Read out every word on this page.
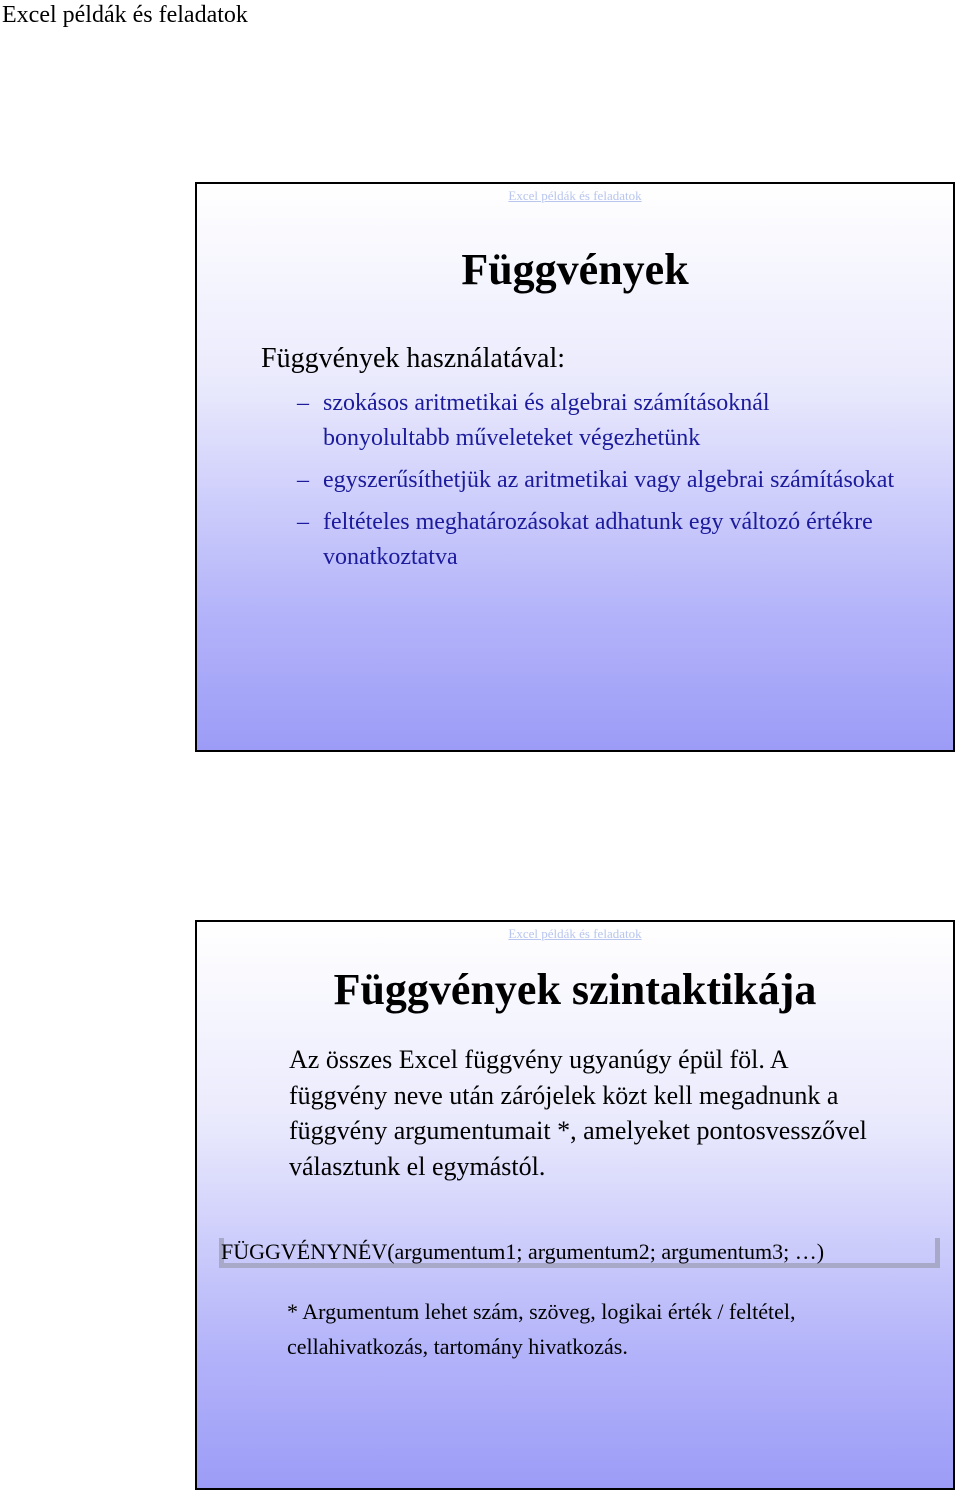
Excel példák és feladatok
Excel példák és feladatok
Függvények
Függvények használatával:
– szokásos aritmetikai és algebrai számításoknál bonyolultabb műveleteket végezhetünk
– egyszerűsíthetjük az aritmetikai vagy algebrai számításokat
– feltételes meghatározásokat adhatunk egy változó értékre vonatkoztatva
Excel példák és feladatok
Függvények szintaktikája
Az összes Excel függvény ugyanúgy épül föl. A függvény neve után zárójelek közt kell megadnunk a függvény argumentumait *, amelyeket pontosvesszővel választunk el egymástól.
FÜGGVÉNYNÉV(argumentum1; argumentum2; argumentum3; …)
* Argumentum lehet szám, szöveg, logikai érték / feltétel, cellahivatkozás, tartomány hivatkozás.
